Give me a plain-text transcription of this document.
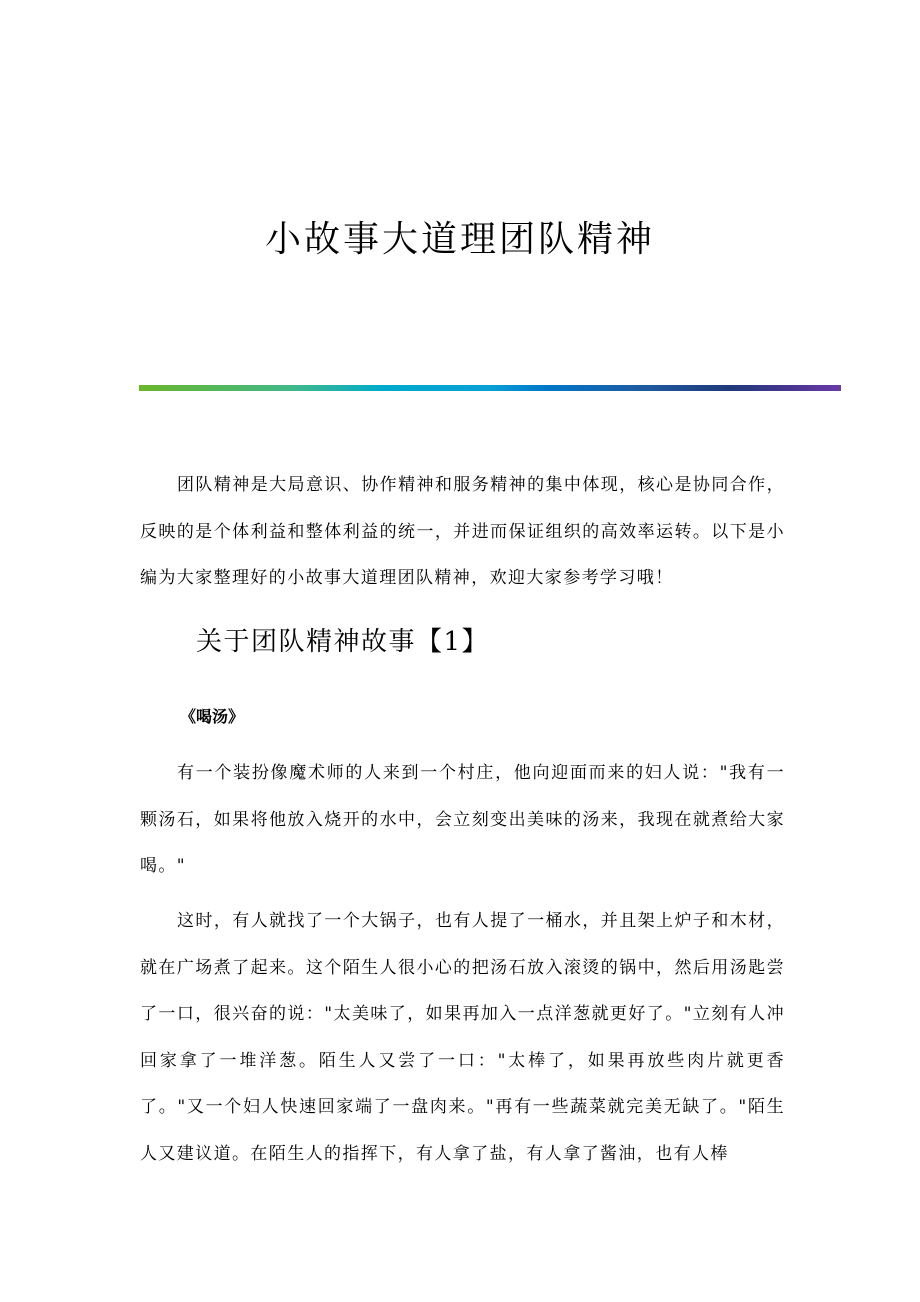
小故事大道理团队精神

团队精神是大局意识、协作精神和服务精神的集中体现，核心是协同合作，反映的是个体利益和整体利益的统一，并进而保证组织的高效率运转。以下是小编为大家整理好的小故事大道理团队精神，欢迎大家参考学习哦！

关于团队精神故事【1】
《喝汤》

有一个装扮像魔术师的人来到一个村庄，他向迎面而来的妇人说："我有一颗汤石，如果将他放入烧开的水中，会立刻变出美味的汤来，我现在就煮给大家喝。"

这时，有人就找了一个大锅子，也有人提了一桶水，并且架上炉子和木材，就在广场煮了起来。这个陌生人很小心的把汤石放入滚烫的锅中，然后用汤匙尝了一口，很兴奋的说："太美味了，如果再加入一点洋葱就更好了。"立刻有人冲回家拿了一堆洋葱。陌生人又尝了一口："太棒了，如果再放些肉片就更香了。"又一个妇人快速回家端了一盘肉来。"再有一些蔬菜就完美无缺了。"陌生人又建议道。在陌生人的指挥下，有人拿了盐，有人拿了酱油，也有人棒
